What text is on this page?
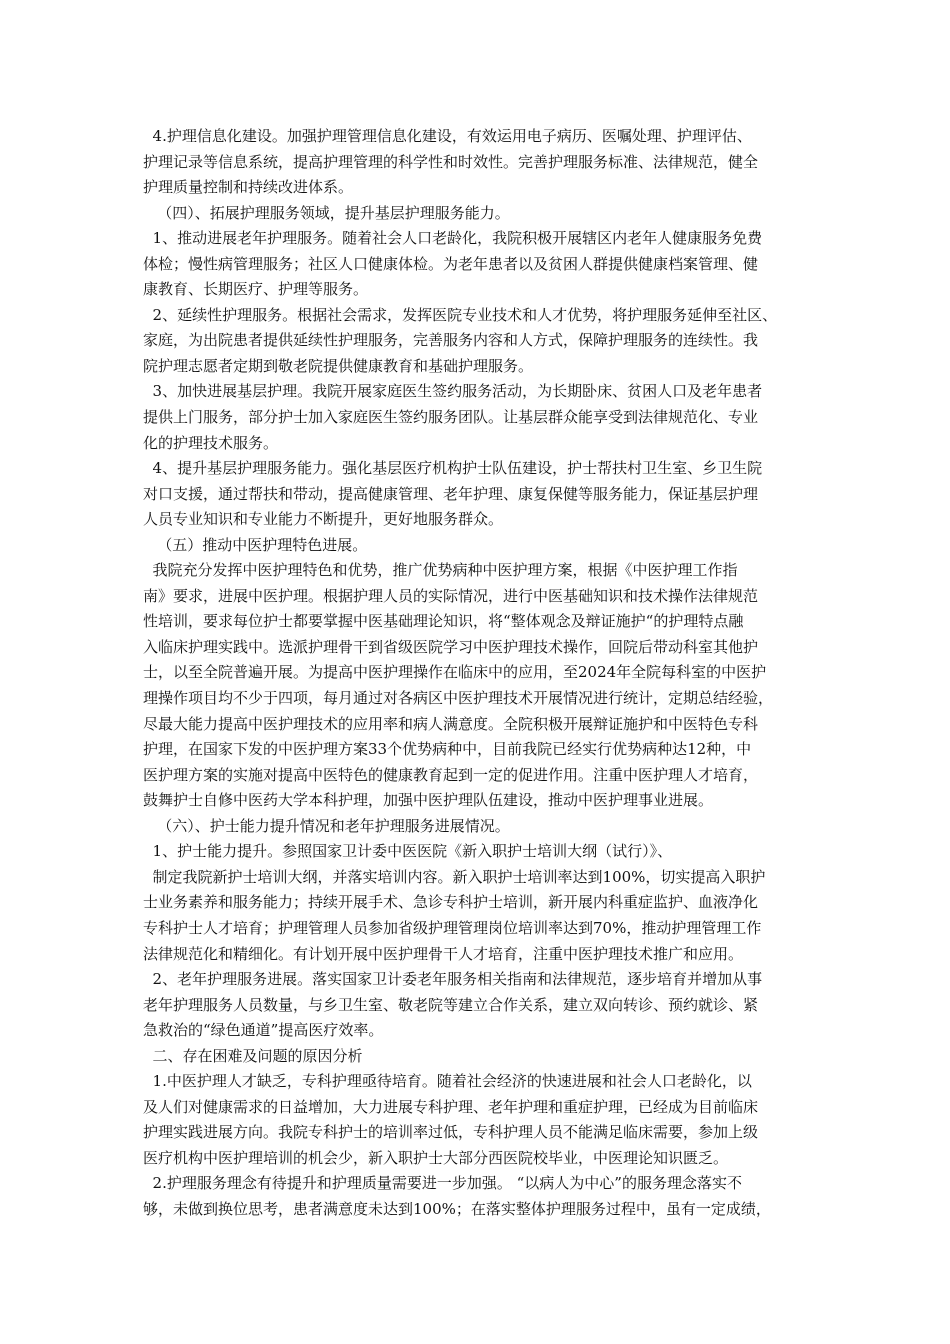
4.护理信息化建设。加强护理管理信息化建设，有效运用电子病历、医嘱处理、护理评估、
护理记录等信息系统，提高护理管理的科学性和时效性。完善护理服务标准、法律规范，健全
护理质量控制和持续改进体系。
（四）、拓展护理服务领域，提升基层护理服务能力。
1、推动进展老年护理服务。随着社会人口老龄化，我院积极开展辖区内老年人健康服务免费
体检；慢性病管理服务；社区人口健康体检。为老年患者以及贫困人群提供健康档案管理、健
康教育、长期医疗、护理等服务。
2、延续性护理服务。根据社会需求，发挥医院专业技术和人才优势，将护理服务延伸至社区、
家庭，为出院患者提供延续性护理服务，完善服务内容和人方式，保障护理服务的连续性。我
院护理志愿者定期到敬老院提供健康教育和基础护理服务。
3、加快进展基层护理。我院开展家庭医生签约服务活动，为长期卧床、贫困人口及老年患者
提供上门服务，部分护士加入家庭医生签约服务团队。让基层群众能享受到法律规范化、专业
化的护理技术服务。
4、提升基层护理服务能力。强化基层医疗机构护士队伍建设，护士帮扶村卫生室、乡卫生院
对口支援，通过帮扶和带动，提高健康管理、老年护理、康复保健等服务能力，保证基层护理
人员专业知识和专业能力不断提升，更好地服务群众。
（五）推动中医护理特色进展。
我院充分发挥中医护理特色和优势，推广优势病种中医护理方案，根据《中医护理工作指
南》要求，进展中医护理。根据护理人员的实际情况，进行中医基础知识和技术操作法律规范
性培训，要求每位护士都要掌握中医基础理论知识，将“整体观念及辩证施护“的护理特点融
入临床护理实践中。选派护理骨干到省级医院学习中医护理技术操作，回院后带动科室其他护
士，以至全院普遍开展。为提高中医护理操作在临床中的应用，至2024年全院每科室的中医护
理操作项目均不少于四项，每月通过对各病区中医护理技术开展情况进行统计，定期总结经验，
尽最大能力提高中医护理技术的应用率和病人满意度。全院积极开展辩证施护和中医特色专科
护理，在国家下发的中医护理方案33个优势病种中，目前我院已经实行优势病种达12种，中
医护理方案的实施对提高中医特色的健康教育起到一定的促进作用。注重中医护理人才培育，
鼓舞护士自修中医药大学本科护理，加强中医护理队伍建设，推动中医护理事业进展。
（六）、护士能力提升情况和老年护理服务进展情况。
1、护士能力提升。参照国家卫计委中医医院《新入职护士培训大纲（试行）》、
制定我院新护士培训大纲，并落实培训内容。新入职护士培训率达到100%，切实提高入职护
士业务素养和服务能力；持续开展手术、急诊专科护士培训，新开展内科重症监护、血液净化
专科护士人才培育；护理管理人员参加省级护理管理岗位培训率达到70%，推动护理管理工作
法律规范化和精细化。有计划开展中医护理骨干人才培育，注重中医护理技术推广和应用。
2、老年护理服务进展。落实国家卫计委老年服务相关指南和法律规范，逐步培育并增加从事
老年护理服务人员数量，与乡卫生室、敬老院等建立合作关系，建立双向转诊、预约就诊、紧
急救治的“绿色通道”提高医疗效率。
二、存在困难及问题的原因分析
1.中医护理人才缺乏，专科护理亟待培育。随着社会经济的快速进展和社会人口老龄化，以
及人们对健康需求的日益增加，大力进展专科护理、老年护理和重症护理，已经成为目前临床
护理实践进展方向。我院专科护士的培训率过低，专科护理人员不能满足临床需要，参加上级
医疗机构中医护理培训的机会少，新入职护士大部分西医院校毕业，中医理论知识匮乏。
2.护理服务理念有待提升和护理质量需要进一步加强。 “以病人为中心”的服务理念落实不
够，未做到换位思考，患者满意度未达到100%；在落实整体护理服务过程中，虽有一定成绩，
